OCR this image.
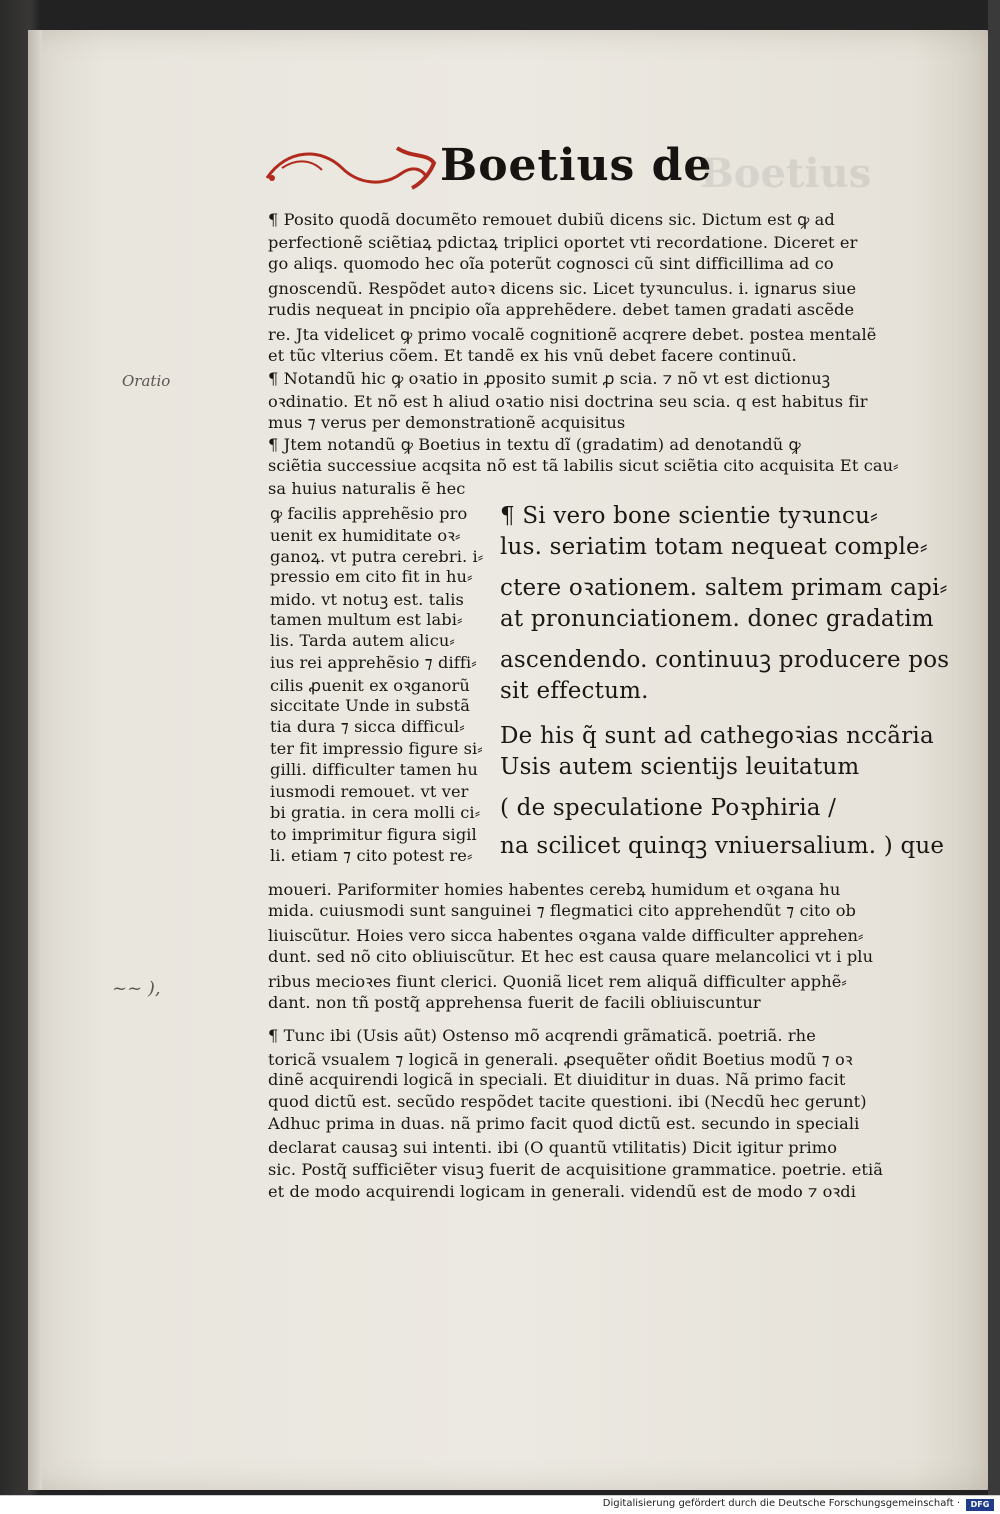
Boetius de
Boetius
Oratio
~~ ),
¶ Posito quodã documẽto remouet dubiũ dicens sic. Dictum est ꝙ ad
perfectionẽ sciẽtiaꝝ pdictaꝝ triplici oportet vti recordatione. Diceret er
go aliqs. quomodo hec oĩa poterũt cognosci cũ sint difficillima ad co
gnoscendũ. Respõdet autoꝛ dicens sic. Licet tyꝛunculus. i. ignarus siue
rudis nequeat in pncipio oĩa apprehẽdere. debet tamen gradati ascẽde
re. Jta videlicet ꝙ primo vocalẽ cognitionẽ acqrere debet. postea mentalẽ
et tũc vlterius cõem. Et tandẽ ex his vnũ debet facere continuũ.
¶ Notandũ hic ꝙ oꝛatio in ꝓposito sumit ꝓ scia. ⁊ nõ vt est dictionuꝫ
oꝛdinatio. Et nõ est h aliud oꝛatio nisi doctrina seu scia. q est habitus fir
mus ⁊ verus per demonstrationẽ acquisitus
¶ Jtem notandũ ꝙ Boetius in textu dĩ (gradatim) ad denotandũ ꝙ
sciẽtia successiue acqsita nõ est tã labilis sicut sciẽtia cito acquisita Et cau⸗
sa huius naturalis ẽ hec
ꝙ facilis apprehẽsio pro
uenit ex humiditate oꝛ⸗
ganoꝝ. vt putra cerebri. i⸗
pressio em cito fit in hu⸗
mido. vt notuꝫ est. talis
tamen multum est labi⸗
lis. Tarda autem alicu⸗
ius rei apprehẽsio ⁊ diffi⸗
cilis ꝓuenit ex oꝛganorũ
siccitate Unde in substã
tia dura ⁊ sicca difficul⸗
ter fit impressio figure si⸗
gilli. difficulter tamen hu
iusmodi remouet. vt ver
bi gratia. in cera molli ci⸗
to imprimitur figura sigil
li. etiam ⁊ cito potest re⸗
¶ Si vero bone scientie tyꝛuncu⸗
lus. seriatim totam nequeat comple⸗
ctere oꝛationem. saltem primam capi⸗
at pronunciationem. donec gradatim
ascendendo. continuuꝫ producere pos
sit effectum.
De his q̃ sunt ad cathegoꝛias nccãria
Usis autem scientijs leuitatum
( de speculatione Poꝛphiria /
na scilicet quinqꝫ vniuersalium. ) que
moueri. Pariformiter homies habentes cerebꝝ humidum et oꝛgana hu
mida. cuiusmodi sunt sanguinei ⁊ flegmatici cito apprehendũt ⁊ cito ob
liuiscũtur. Hoies vero sicca habentes oꝛgana valde difficulter apprehen⸗
dunt. sed nõ cito obliuiscũtur. Et hec est causa quare melancolici vt i plu
ribus mecioꝛes fiunt clerici. Quoniã licet rem aliquã difficulter apphẽ⸗
dant. non tñ postq̃ apprehensa fuerit de facili obliuiscuntur
¶ Tunc ibi (Usis aũt) Ostenso mõ acqrendi grãmaticã. poetriã. rhe
toricã vsualem ⁊ logicã in generali. ꝓsequẽter oñdit Boetius modũ ⁊ oꝛ
dinẽ acquirendi logicã in speciali. Et diuiditur in duas. Nã primo facit
quod dictũ est. secũdo respõdet tacite questioni. ibi (Necdũ hec gerunt)
Adhuc prima in duas. nã primo facit quod dictũ est. secundo in speciali
declarat causaꝫ sui intenti. ibi (O quantũ vtilitatis) Dicit igitur primo
sic. Postq̃ sufficiẽter visuꝫ fuerit de acquisitione grammatice. poetrie. etiã
et de modo acquirendi logicam in generali. videndũ est de modo ⁊ oꝛdi
Digitalisierung gefördert durch die Deutsche Forschungsgemeinschaft ·	DFG
